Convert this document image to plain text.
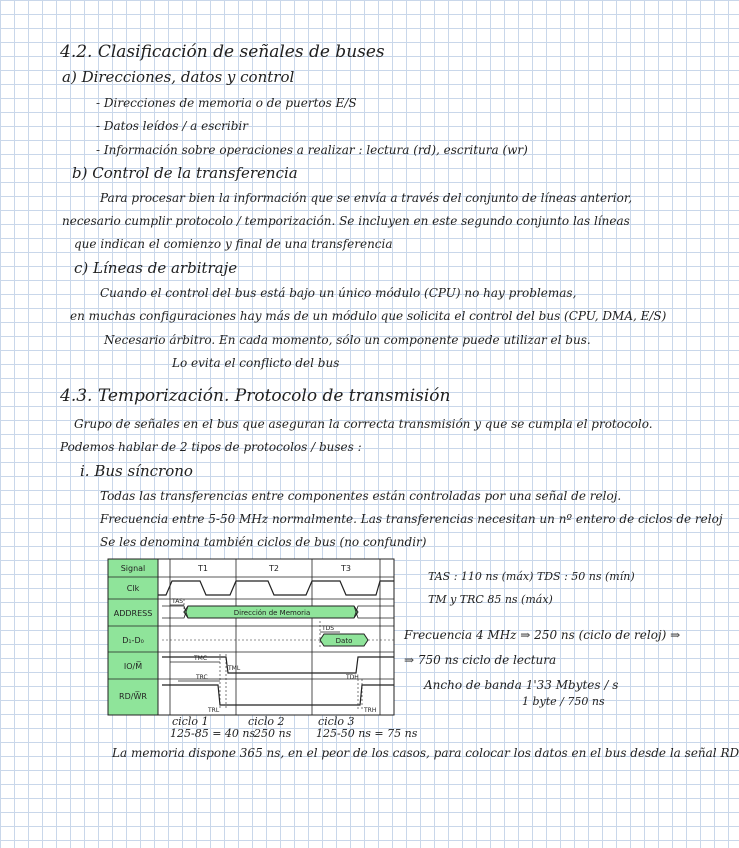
4.2. Clasificación de señales de buses
a) Direcciones, datos y control
- Direcciones de memoria o de puertos E/S
- Datos leídos / a escribir
- Información sobre operaciones a realizar : lectura (rd), escritura (wr)
b) Control de la transferencia
Para procesar bien la información que se envía a través del conjunto de líneas anterior,
necesario cumplir protocolo / temporización. Se incluyen en este segundo conjunto las líneas
que indican el comienzo y final de una transferencia
c) Líneas de arbitraje
Cuando el control del bus está bajo un único módulo (CPU) no hay problemas,
en muchas configuraciones hay más de un módulo que solicita el control del bus (CPU, DMA, E/S)
Necesario árbitro. En cada momento, sólo un componente puede utilizar el bus.
Lo evita el conflicto del bus
4.3. Temporización. Protocolo de transmisión
Grupo de señales en el bus que aseguran la correcta transmisión y que se cumpla el protocolo.
Podemos hablar de 2 tipos de protocolos / buses :
i. Bus síncrono
Todas las transferencias entre componentes están controladas por una señal de reloj.
Frecuencia entre 5-50 MHz normalmente. Las transferencias necesitan un nº entero de ciclos de reloj
Se les denomina también ciclos de bus (no confundir)
Signal
Clk
ADDRESS
D₁-D₀
IO/M̅
RD/W̅R
T1	T2	T3
Dirección de Memoria
Dato
TAS
TDS
TMC
TML
TRC
TRL
TDH
TRH
ciclo 1
125-85 = 40 ns
ciclo 2
250 ns
ciclo 3
125-50 ns = 75 ns
TAS : 110 ns (máx) TDS : 50 ns (mín)
TM y TRC 85 ns (máx)
Frecuencia 4 MHz ⇒ 250 ns (ciclo de reloj) ⇒
⇒ 750 ns ciclo de lectura
Ancho de banda 1'33 Mbytes / s
1 byte / 750 ns
La memoria dispone 365 ns, en el peor de los casos, para colocar los datos en el bus desde la señal RD
